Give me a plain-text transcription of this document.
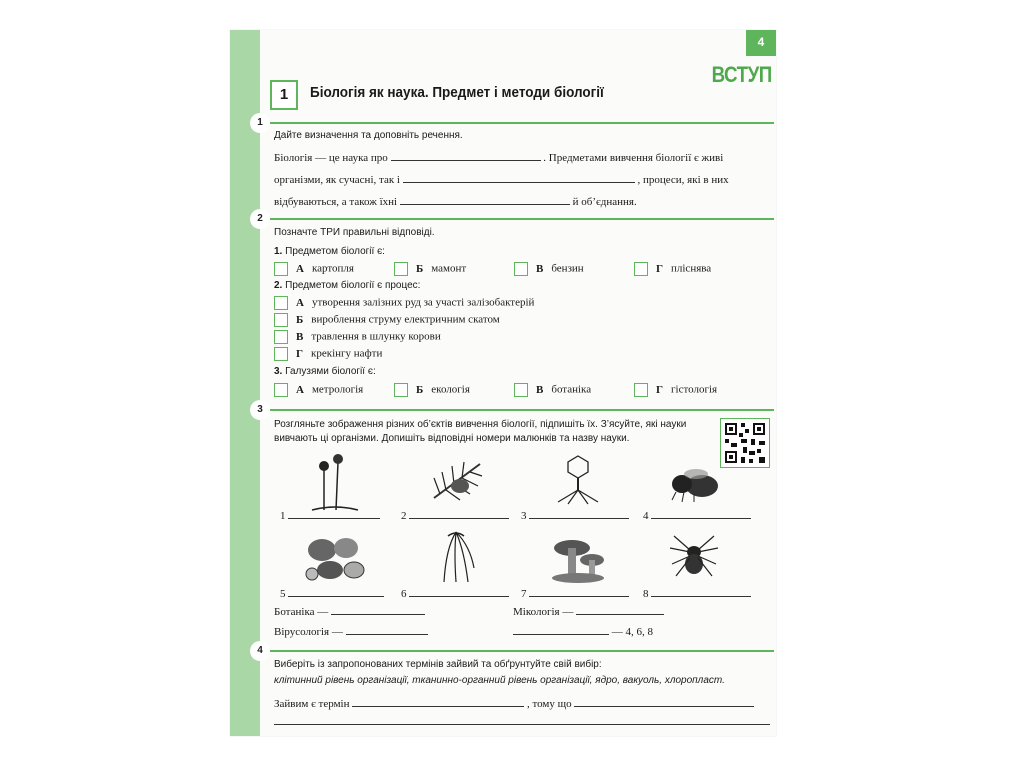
4
ВСТУП
1	Біологія як наука. Предмет і методи біології
1
Дайте визначення та доповніть речення.
Біологія — це наука про	. Предметами вивчення біології є живі
організми, як сучасні, так і	, процеси, які в них
відбуваються, а також їхні	й об’єднання.
2
Позначте ТРИ правильні відповіді.
1. Предметом біології є:
А картопля	Б мамонт	В бензин	Г пліснява
2. Предметом біології є процес:
А утворення залізних руд за участі залізобактерій
Б вироблення струму електричним скатом
В травлення в шлунку корови
Г крекінгу нафти
3. Галузями біології є:
А метрологія	Б екологія	В ботаніка	Г гістологія
3
Розгляньте зображення різних об’єктів вивчення біології, підпишіть їх. З’ясуйте, які науки
вивчають ці організми. Допишіть відповідні номери малюнків та назву науки.
1	2	3	4
5	6	7	8
Ботаніка —	Мікологія —
Вірусологія —	— 4, 6, 8
4
Виберіть із запропонованих термінів зайвий та обґрунтуйте свій вибір:
клітинний рівень організації, тканинно-органний рівень організації, ядро, вакуоль, хлоропласт.
Зайвим є термін	, тому що
